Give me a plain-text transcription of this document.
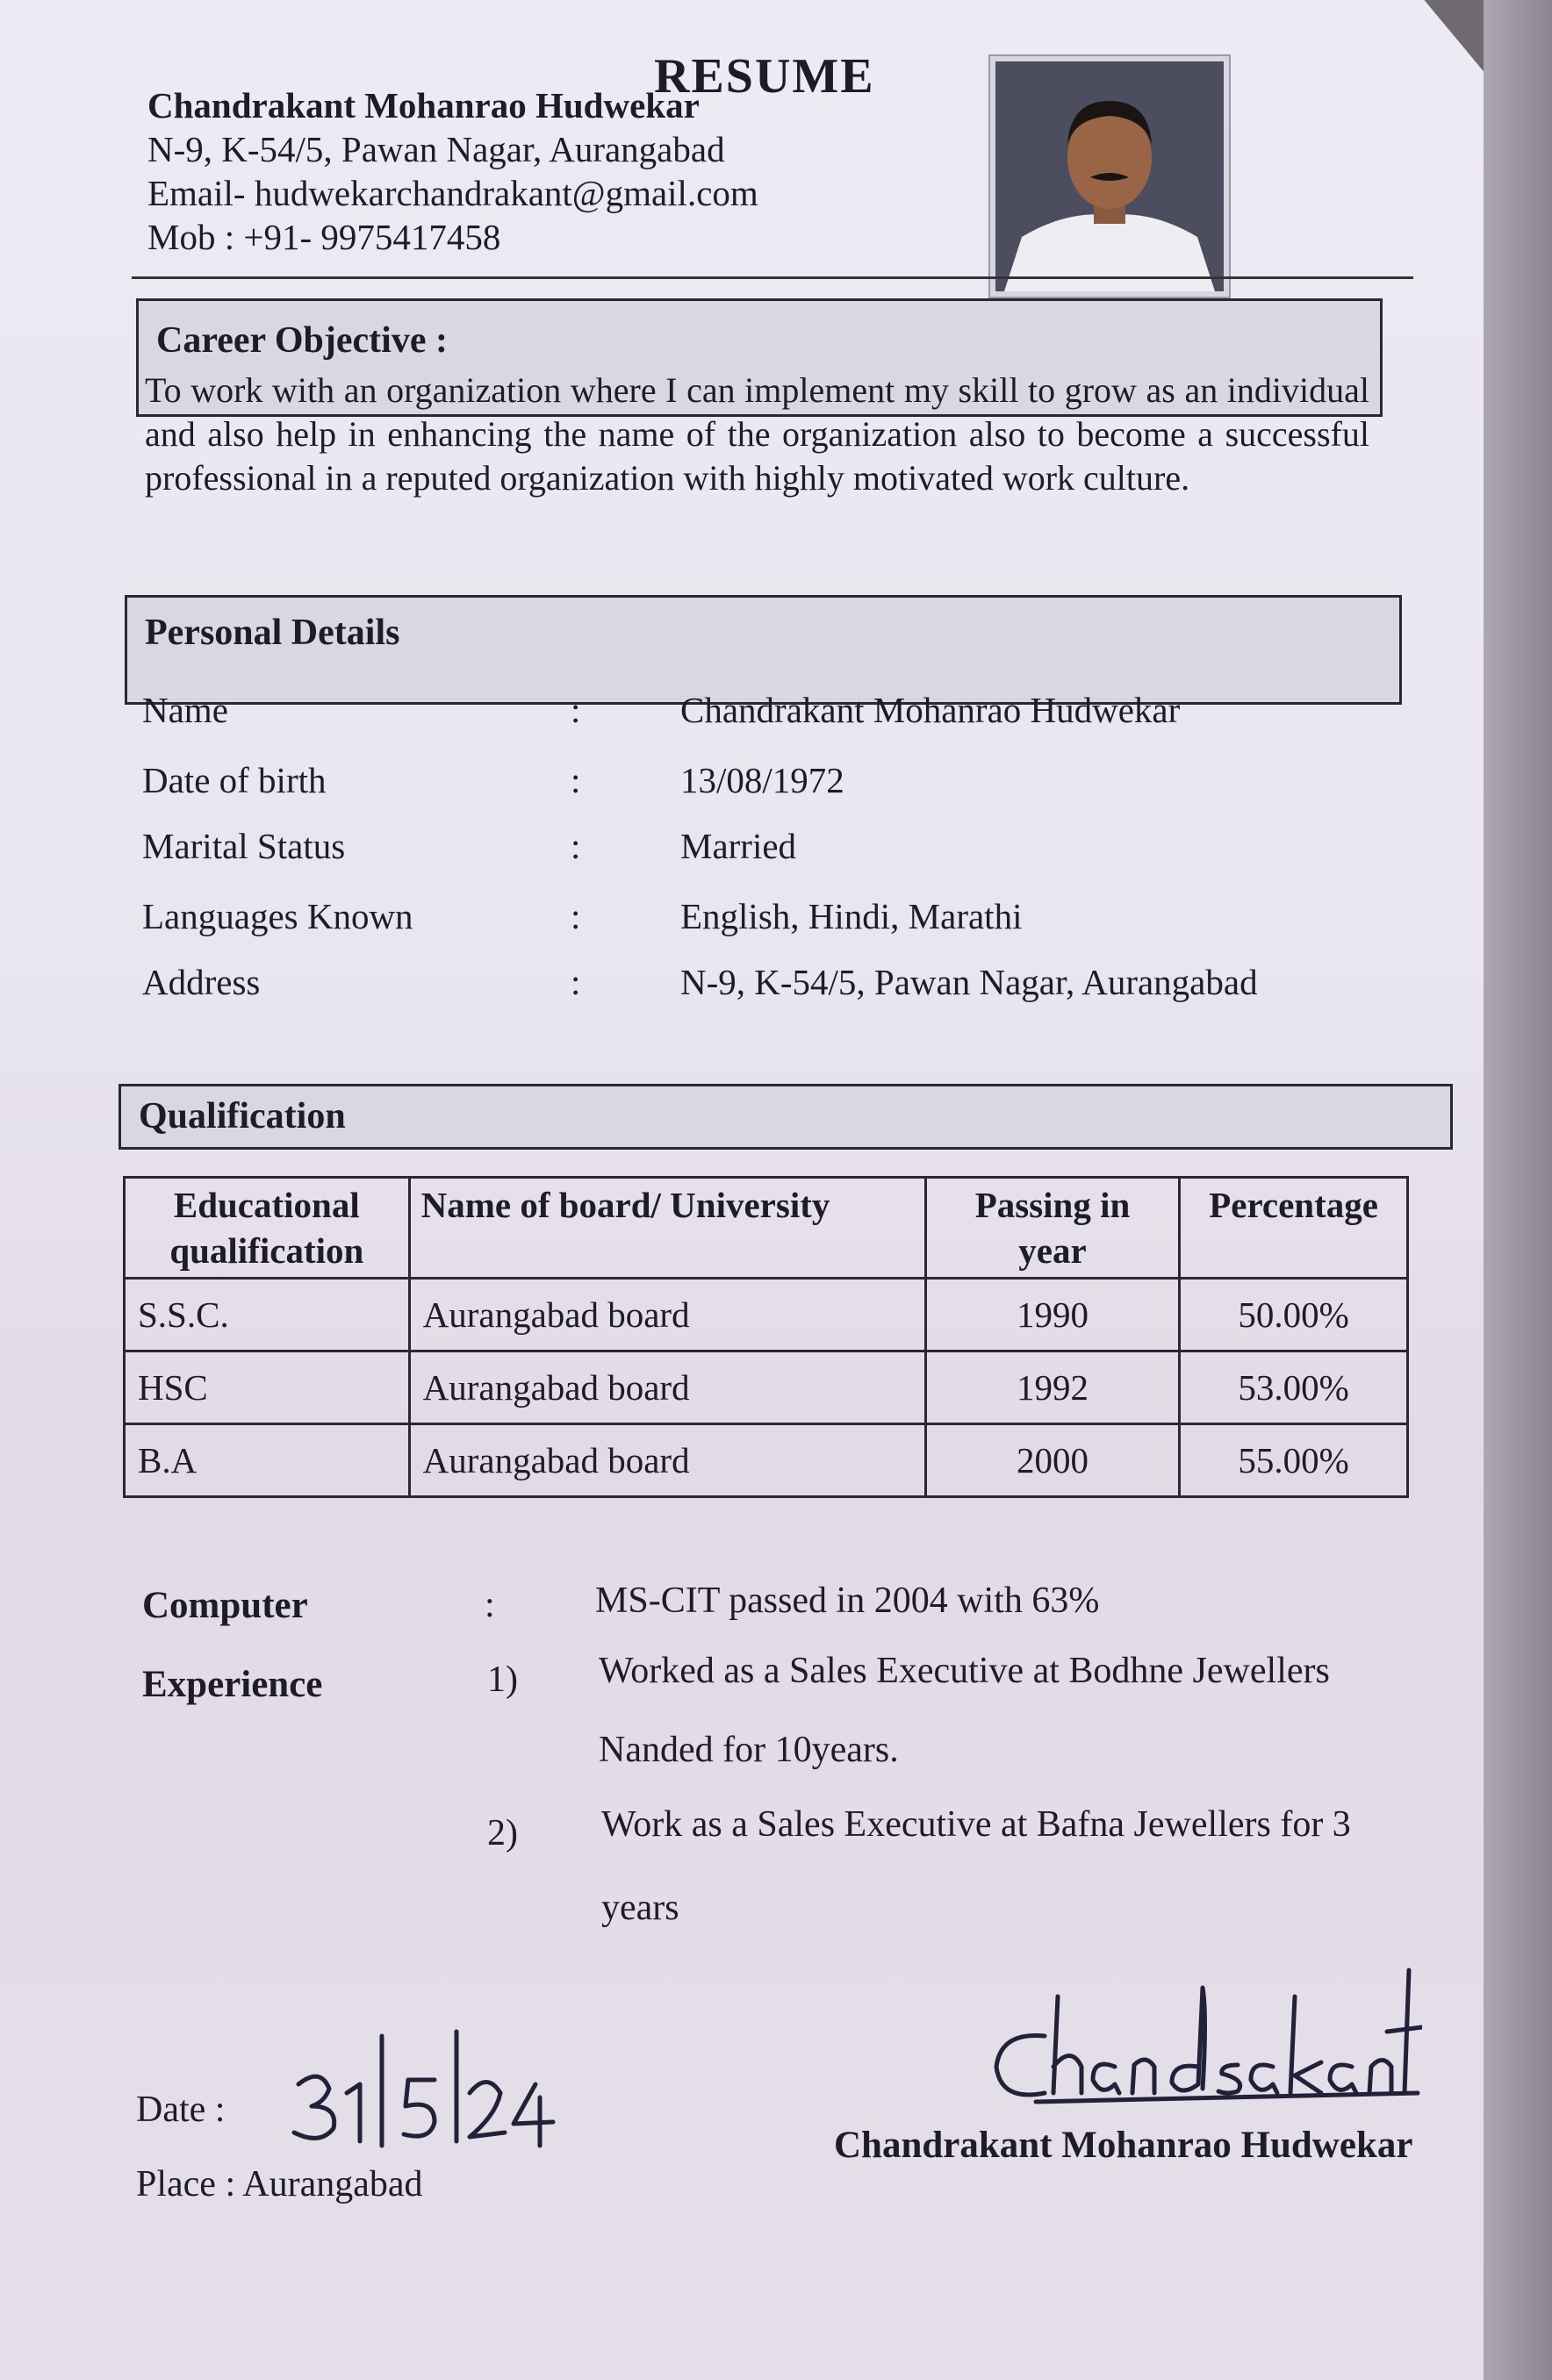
RESUME
Chandrakant Mohanrao Hudwekar
N-9, K-54/5, Pawan Nagar, Aurangabad
Email- hudwekarchandrakant@gmail.com
Mob : +91- 9975417458
Career Objective :
To work with an organization where I can implement my skill to grow as an individual and also help in enhancing the name of the organization also to become a successful professional in a reputed organization with highly motivated work culture.
Personal Details
Name	:	Chandrakant Mohanrao Hudwekar
Date of birth	:	13/08/1972
Marital Status	:	Married
Languages Known	:	English, Hindi, Marathi
Address	:	N-9, K-54/5, Pawan Nagar, Aurangabad
Qualification
Educational qualification	Name of board/ University	Passing in year	Percentage
S.S.C.	Aurangabad board	1990	50.00%
HSC	Aurangabad board	1992	53.00%
B.A	Aurangabad board	2000	55.00%
Computer	:	MS-CIT passed in 2004 with 63%
Experience	1) Worked as a Sales Executive at Bodhne Jewellers
Nanded for 10years.
2) Work as a Sales Executive at Bafna Jewellers for 3
years
Date :
Place : Aurangabad
Chandrakant Mohanrao Hudwekar
